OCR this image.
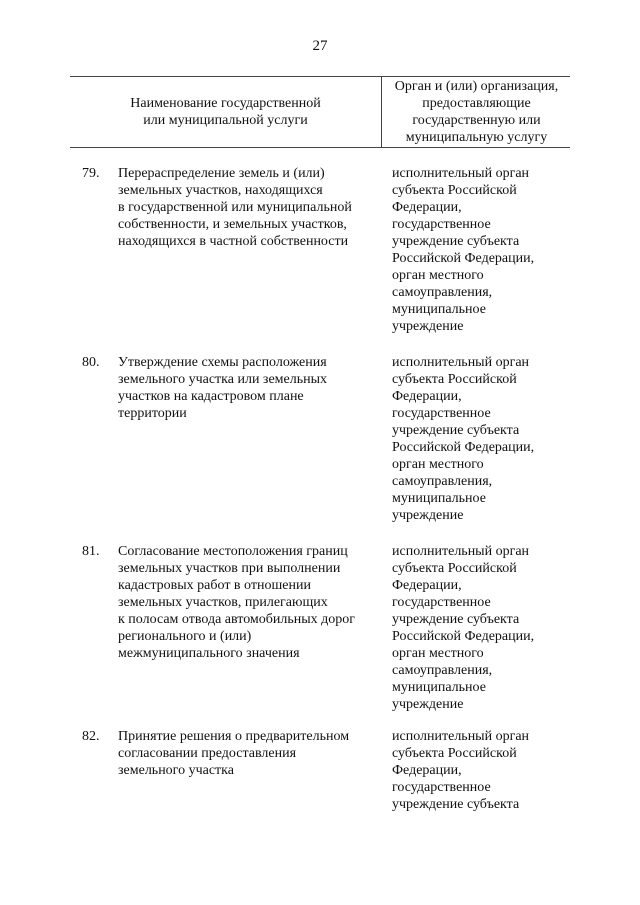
27
Наименование государственной
или муниципальной услуги
Орган и (или) организация,
предоставляющие
государственную или
муниципальную услугу
79. Перераспределение земель и (или)
земельных участков, находящихся
в государственной или муниципальной
собственности, и земельных участков,
находящихся в частной собственности
исполнительный орган
субъекта Российской
Федерации,
государственное
учреждение субъекта
Российской Федерации,
орган местного
самоуправления,
муниципальное
учреждение
80. Утверждение схемы расположения
земельного участка или земельных
участков на кадастровом плане
территории
исполнительный орган
субъекта Российской
Федерации,
государственное
учреждение субъекта
Российской Федерации,
орган местного
самоуправления,
муниципальное
учреждение
81. Согласование местоположения границ
земельных участков при выполнении
кадастровых работ в отношении
земельных участков, прилегающих
к полосам отвода автомобильных дорог
регионального и (или)
межмуниципального значения
исполнительный орган
субъекта Российской
Федерации,
государственное
учреждение субъекта
Российской Федерации,
орган местного
самоуправления,
муниципальное
учреждение
82. Принятие решения о предварительном
согласовании предоставления
земельного участка
исполнительный орган
субъекта Российской
Федерации,
государственное
учреждение субъекта
